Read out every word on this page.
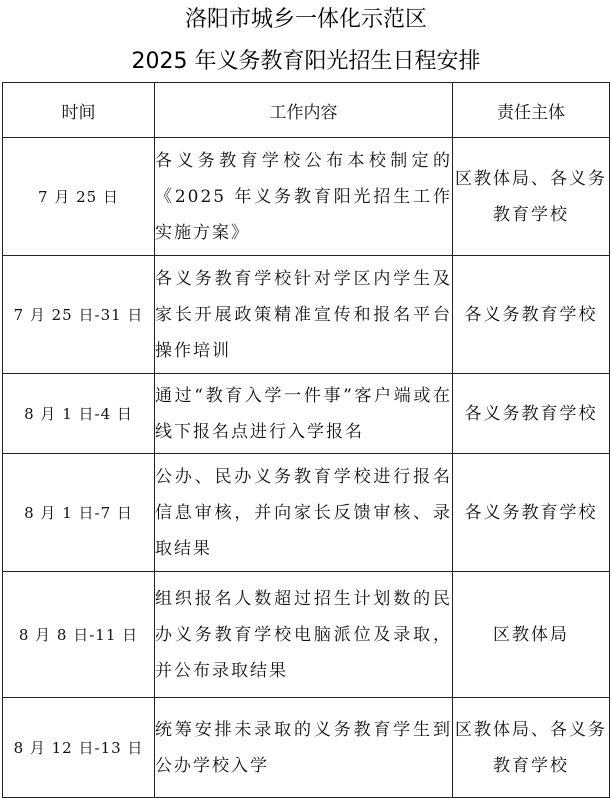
洛阳市城乡一体化示范区
2025 年义务教育阳光招生日程安排
时间	工作内容	责任主体
7 月 25 日	各义务教育学校公布本校制定的《2025 年义务教育阳光招生工作实施方案》	区教体局、各义务教育学校
7 月 25 日-31 日	各义务教育学校针对学区内学生及家长开展政策精准宣传和报名平台操作培训	各义务教育学校
8 月 1 日-4 日	通过“教育入学一件事”客户端或在线下报名点进行入学报名	各义务教育学校
8 月 1 日-7 日	公办、民办义务教育学校进行报名信息审核，并向家长反馈审核、录取结果	各义务教育学校
8 月 8 日-11 日	组织报名人数超过招生计划数的民办义务教育学校电脑派位及录取，并公布录取结果	区教体局
8 月 12 日-13 日	统筹安排未录取的义务教育学生到公办学校入学	区教体局、各义务教育学校
